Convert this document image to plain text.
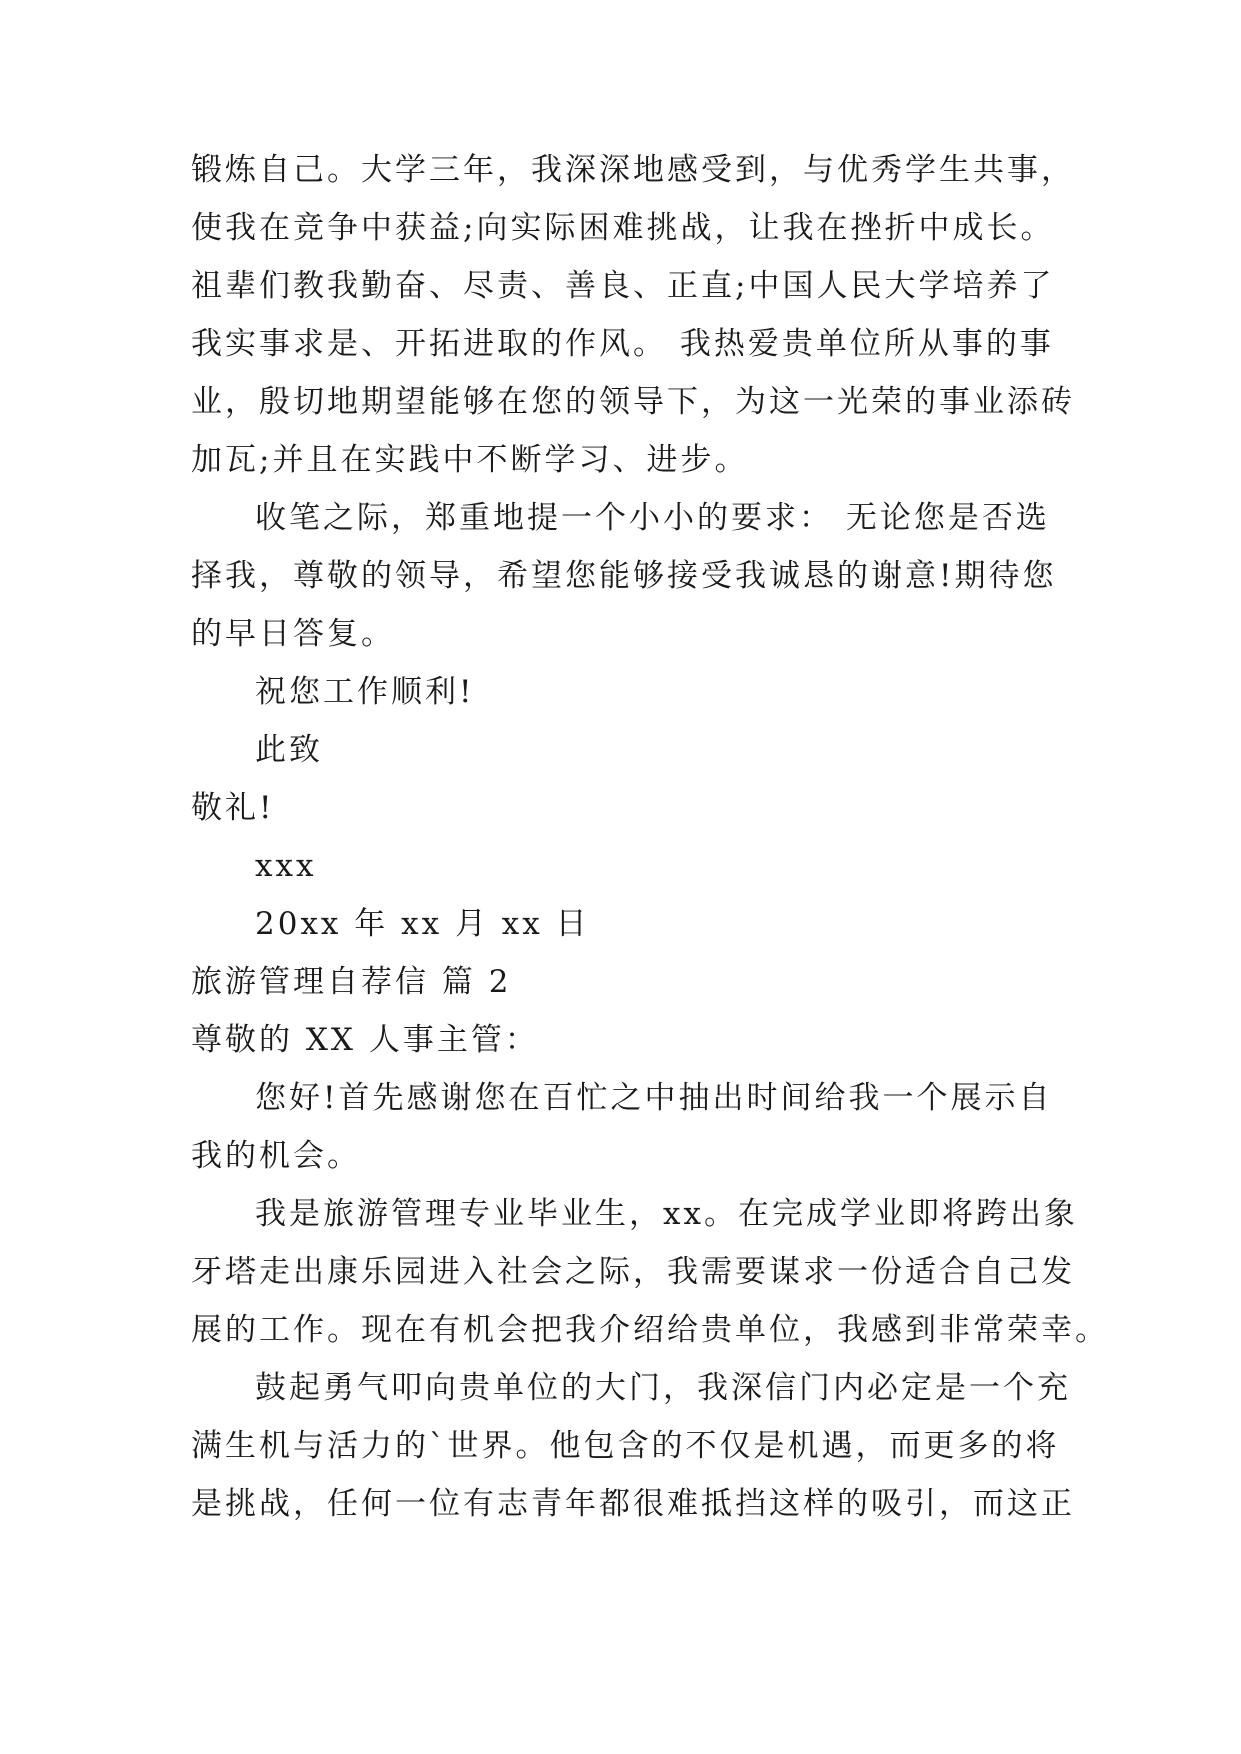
锻炼自己。大学三年，我深深地感受到，与优秀学生共事，
使我在竞争中获益;向实际困难挑战，让我在挫折中成长。
祖辈们教我勤奋、尽责、善良、正直;中国人民大学培养了
我实事求是、开拓进取的作风。 我热爱贵单位所从事的事
业，殷切地期望能够在您的领导下，为这一光荣的事业添砖
加瓦;并且在实践中不断学习、进步。
收笔之际，郑重地提一个小小的要求： 无论您是否选
择我，尊敬的领导，希望您能够接受我诚恳的谢意!期待您
的早日答复。
祝您工作顺利!
此致
敬礼!
xxx
20xx 年 xx 月 xx 日
旅游管理自荐信 篇 2
尊敬的 XX 人事主管：
您好!首先感谢您在百忙之中抽出时间给我一个展示自
我的机会。
我是旅游管理专业毕业生，xx。在完成学业即将跨出象
牙塔走出康乐园进入社会之际，我需要谋求一份适合自己发
展的工作。现在有机会把我介绍给贵单位，我感到非常荣幸。
鼓起勇气叩向贵单位的大门，我深信门内必定是一个充
满生机与活力的`世界。他包含的不仅是机遇，而更多的将
是挑战，任何一位有志青年都很难抵挡这样的吸引，而这正
